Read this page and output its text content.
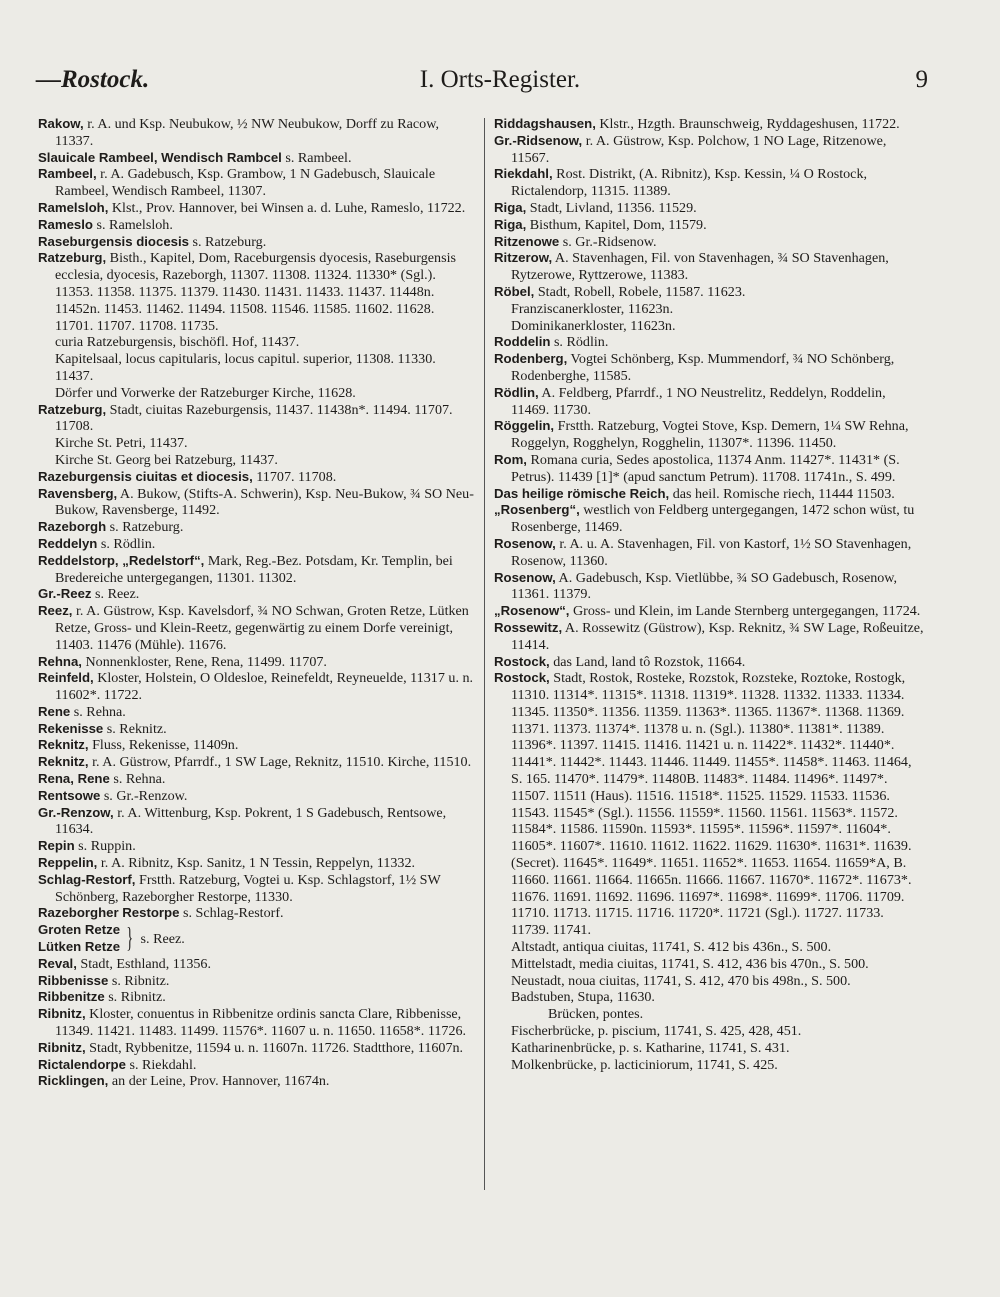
—Rostock.	I. Orts-Register.	9

Rakow, r. A. und Ksp. Neubukow, ½ NW Neubukow, Dorff zu Racow, 11337.

Slauicale Rambeel, Wendisch Rambcel s. Rambeel.

Rambeel, r. A. Gadebusch, Ksp. Grambow, 1 N Gadebusch, Slauicale Rambeel, Wendisch Rambeel, 11307.

Ramelsloh, Klst., Prov. Hannover, bei Winsen a. d. Luhe, Rameslo, 11722.

Rameslo s. Ramelsloh.

Raseburgensis diocesis s. Ratzeburg.

Ratzeburg, Bisth., Kapitel, Dom, Raceburgensis dyocesis, Raseburgensis ecclesia, dyocesis, Razeborgh, 11307. 11308. 11324. 11330* (Sgl.). 11353. 11358. 11375. 11379. 11430. 11431. 11433. 11437. 11448n. 11452n. 11453. 11462. 11494. 11508. 11546. 11585. 11602. 11628. 11701. 11707. 11708. 11735.

curia Ratzeburgensis, bischöfl. Hof, 11437.

Kapitelsaal, locus capitularis, locus capitul. superior, 11308. 11330. 11437.

Dörfer und Vorwerke der Ratzeburger Kirche, 11628.

Ratzeburg, Stadt, ciuitas Razeburgensis, 11437. 11438n*. 11494. 11707. 11708.

Kirche St. Petri, 11437.

Kirche St. Georg bei Ratzeburg, 11437.

Razeburgensis ciuitas et diocesis, 11707. 11708.

Ravensberg, A. Bukow, (Stifts-A. Schwerin), Ksp. Neu-Bukow, ¾ SO Neu-Bukow, Ravensberge, 11492.

Razeborgh s. Ratzeburg.

Reddelyn s. Rödlin.

Reddelstorp, „Redelstorf“, Mark, Reg.-Bez. Potsdam, Kr. Templin, bei Bredereiche untergegangen, 11301. 11302.

Gr.-Reez s. Reez.

Reez, r. A. Güstrow, Ksp. Kavelsdorf, ¾ NO Schwan, Groten Retze, Lütken Retze, Gross- und Klein-Reetz, gegenwärtig zu einem Dorfe vereinigt, 11403. 11476 (Mühle). 11676.

Rehna, Nonnenkloster, Rene, Rena, 11499. 11707.

Reinfeld, Kloster, Holstein, O Oldesloe, Reinefeldt, Reyneuelde, 11317 u. n. 11602*. 11722.

Rene s. Rehna.

Rekenisse s. Reknitz.

Reknitz, Fluss, Rekenisse, 11409n.

Reknitz, r. A. Güstrow, Pfarrdf., 1 SW Lage, Reknitz, 11510. Kirche, 11510.

Rena, Rene s. Rehna.

Rentsowe s. Gr.-Renzow.

Gr.-Renzow, r. A. Wittenburg, Ksp. Pokrent, 1 S Gadebusch, Rentsowe, 11634.

Repin s. Ruppin.

Reppelin, r. A. Ribnitz, Ksp. Sanitz, 1 N Tessin, Reppelyn, 11332.

Schlag-Restorf, Frstth. Ratzeburg, Vogtei u. Ksp. Schlagstorf, 1½ SW Schönberg, Razeborgher Restorpe, 11330.

Razeborgher Restorpe s. Schlag-Restorf.

Groten Retze
Lütken Retze } s. Reez.

Reval, Stadt, Esthland, 11356.

Ribbenisse s. Ribnitz.

Ribbenitze s. Ribnitz.

Ribnitz, Kloster, conuentus in Ribbenitze ordinis sancta Clare, Ribbenisse, 11349. 11421. 11483. 11499. 11576*. 11607 u. n. 11650. 11658*. 11726.

Ribnitz, Stadt, Rybbenitze, 11594 u. n. 11607n. 11726. Stadtthore, 11607n.

Rictalendorpe s. Riekdahl.

Ricklingen, an der Leine, Prov. Hannover, 11674n.

Riddagshausen, Klstr., Hzgth. Braunschweig, Ryddageshusen, 11722.

Gr.-Ridsenow, r. A. Güstrow, Ksp. Polchow, 1 NO Lage, Ritzenowe, 11567.

Riekdahl, Rost. Distrikt, (A. Ribnitz), Ksp. Kessin, ¼ O Rostock, Rictalendorp, 11315. 11389.

Riga, Stadt, Livland, 11356. 11529.

Riga, Bisthum, Kapitel, Dom, 11579.

Ritzenowe s. Gr.-Ridsenow.

Ritzerow, A. Stavenhagen, Fil. von Stavenhagen, ¾ SO Stavenhagen, Rytzerowe, Ryttzerowe, 11383.

Röbel, Stadt, Robell, Robele, 11587. 11623.

Franziscanerkloster, 11623n.

Dominikanerkloster, 11623n.

Roddelin s. Rödlin.

Rodenberg, Vogtei Schönberg, Ksp. Mummendorf, ¾ NO Schönberg, Rodenberghe, 11585.

Rödlin, A. Feldberg, Pfarrdf., 1 NO Neustrelitz, Reddelyn, Roddelin, 11469. 11730.

Röggelin, Frstth. Ratzeburg, Vogtei Stove, Ksp. Demern, 1¼ SW Rehna, Roggelyn, Rogghelyn, Rogghelin, 11307*. 11396. 11450.

Rom, Romana curia, Sedes apostolica, 11374 Anm. 11427*. 11431* (S. Petrus). 11439 [1]* (apud sanctum Petrum). 11708. 11741n., S. 499.

Das heilige römische Reich, das heil. Romische riech, 11444 11503.

„Rosenberg“, westlich von Feldberg untergegangen, 1472 schon wüst, tu Rosenberge, 11469.

Rosenow, r. A. u. A. Stavenhagen, Fil. von Kastorf, 1½ SO Stavenhagen, Rosenow, 11360.

Rosenow, A. Gadebusch, Ksp. Vietlübbe, ¾ SO Gadebusch, Rosenow, 11361. 11379.

„Rosenow“, Gross- und Klein, im Lande Sternberg untergegangen, 11724.

Rossewitz, A. Rossewitz (Güstrow), Ksp. Reknitz, ¾ SW Lage, Roßeuitze, 11414.

Rostock, das Land, land tô Rozstok, 11664.

Rostock, Stadt, Rostok, Rosteke, Rozstok, Rozsteke, Roztoke, Rostogk, 11310. 11314*. 11315*. 11318. 11319*. 11328. 11332. 11333. 11334. 11345. 11350*. 11356. 11359. 11363*. 11365. 11367*. 11368. 11369. 11371. 11373. 11374*. 11378 u. n. (Sgl.). 11380*. 11381*. 11389. 11396*. 11397. 11415. 11416. 11421 u. n. 11422*. 11432*. 11440*. 11441*. 11442*. 11443. 11446. 11449. 11455*. 11458*. 11463. 11464, S. 165. 11470*. 11479*. 11480B. 11483*. 11484. 11496*. 11497*. 11507. 11511 (Haus). 11516. 11518*. 11525. 11529. 11533. 11536. 11543. 11545* (Sgl.). 11556. 11559*. 11560. 11561. 11563*. 11572. 11584*. 11586. 11590n. 11593*. 11595*. 11596*. 11597*. 11604*. 11605*. 11607*. 11610. 11612. 11622. 11629. 11630*. 11631*. 11639. (Secret). 11645*. 11649*. 11651. 11652*. 11653. 11654. 11659*A, B. 11660. 11661. 11664. 11665n. 11666. 11667. 11670*. 11672*. 11673*. 11676. 11691. 11692. 11696. 11697*. 11698*. 11699*. 11706. 11709. 11710. 11713. 11715. 11716. 11720*. 11721 (Sgl.). 11727. 11733. 11739. 11741.

Altstadt, antiqua ciuitas, 11741, S. 412 bis 436n., S. 500.

Mittelstadt, media ciuitas, 11741, S. 412, 436 bis 470n., S. 500.

Neustadt, noua ciuitas, 11741, S. 412, 470 bis 498n., S. 500.

Badstuben, Stupa, 11630.

Brücken, pontes.

Fischerbrücke, p. piscium, 11741, S. 425, 428, 451.

Katharinenbrücke, p. s. Katharine, 11741, S. 431.

Molkenbrücke, p. lacticiniorum, 11741, S. 425.
